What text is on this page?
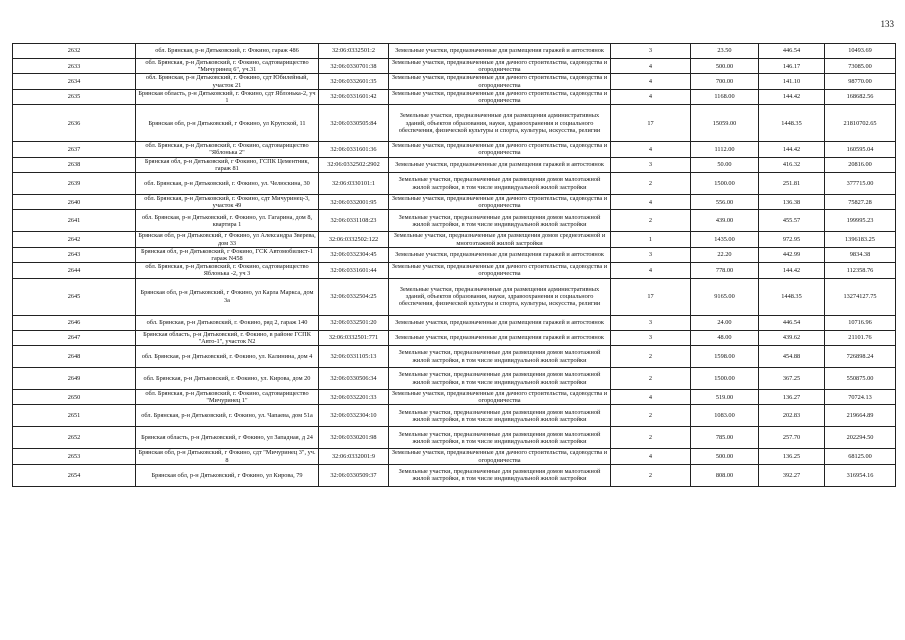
133
2632	обл. Брянская, р-н Дятьковский, г. Фокино, гараж 486	32:06:0332501:2	Земельные участки, предназначенные для размещения гаражей и автостоянок	3	23.50	446.54	10493.69
2633	обл. Брянская, р-н Дятьковский, г. Фокино, садтоварищество "Мичуринец 6", уч.31	32:06:0330701:38	Земельные участки, предназначенные для дачного строительства, садоводства и огородничества	4	500.00	146.17	73085.00
2634	обл. Брянская, р-н Дятьковский, г. Фокино, сдт Юбилейный, участок 21	32:06:0332601:35	Земельные участки, предназначенные для дачного строительства, садоводства и огородничества	4	700.00	141.10	98770.00
2635	Брянская область, р-н Дятьковский, г. Фокино, сдт Яблонька-2, уч 1	32:06:0331601:42	Земельные участки, предназначенные для дачного строительства, садоводства и огородничества	4	1168.00	144.42	168682.56
2636	Брянская обл, р-н Дятьковский, г Фокино, ул Крупской, 11	32:06:0330505:84	Земельные участки, предназначенные для размещения административных зданий, объектов образования, науки, здравоохранения и социального обеспечения, физической культуры и спорта, культуры, искусства, религии	17	15059.00	1448.35	21810702.65
2637	обл. Брянская, р-н Дятьковский, г. Фокино, садтоварищество "Яблонька 2"	32:06:0331601:36	Земельные участки, предназначенные для дачного строительства, садоводства и огородничества	4	1112.00	144.42	160595.04
2638	Брянская обл, р-н Дятьковский, г Фокино, ГСПК Цементник, гараж 81	32:06:0332502:2902	Земельные участки, предназначенные для размещения гаражей и автостоянок	3	50.00	416.32	20816.00
2639	обл. Брянская, р-н Дятьковский, г. Фокино, ул. Челюскина, 30	32:06:0330101:1	Земельные участки, предназначенные для размещения домов малоэтажной жилой застройки, в том числе индивидуальной жилой застройки	2	1500.00	251.81	377715.00
2640	обл. Брянская, р-н Дятьковский, г. Фокино, сдт Мичуринец-3, участок 49	32:06:0332001:95	Земельные участки, предназначенные для дачного строительства, садоводства и огородничества	4	556.00	136.38	75827.28
2641	обл. Брянская, р-н Дятьковский, г. Фокино, ул. Гагарина, дом 8, квартира 1	32:06:0331108:23	Земельные участки, предназначенные для размещения домов малоэтажной жилой застройки, в том числе индивидуальной жилой застройки	2	439.00	455.57	199995.23
2642	Брянская обл, р-н Дятьковский, г Фокино, ул Александра Зверева, дом 33	32:06:0332502:122	Земельные участки, предназначенные для размещения домов среднеэтажной и многоэтажной жилой застройки	1	1435.00	972.95	1396183.25
2643	Брянская обл, р-н Дятьковский, г Фокино, ГСК Автомобилист-1 гараж N458	32:06:0332304:45	Земельные участки, предназначенные для размещения гаражей и автостоянок	3	22.20	442.99	9834.38
2644	обл. Брянская, р-н Дятьковский, г. Фокино, садтоварищество Яблонька -2, уч 3	32:06:0331601:44	Земельные участки, предназначенные для дачного строительства, садоводства и огородничества	4	778.00	144.42	112358.76
2645	Брянская обл, р-н Дятьковский, г Фокино, ул Карла Маркса, дом 3а	32:06:0332504:25	Земельные участки, предназначенные для размещения административных зданий, объектов образования, науки, здравоохранения и социального обеспечения, физической культуры и спорта, культуры, искусства, религии	17	9165.00	1448.35	13274127.75
2646	обл. Брянская, р-н Дятьковский, г. Фокино, ряд 2, гараж 140	32:06:0332501:20	Земельные участки, предназначенные для размещения гаражей и автостоянок	3	24.00	446.54	10716.96
2647	Брянская область, р-н Дятьковский, г. Фокино, в районе ГСПК "Авто-1", участок N2	32:06:0332501:771	Земельные участки, предназначенные для размещения гаражей и автостоянок	3	48.00	439.62	21101.76
2648	обл. Брянская, р-н Дятьковский, г. Фокино, ул. Калинина, дом 4	32:06:0331105:13	Земельные участки, предназначенные для размещения домов малоэтажной жилой застройки, в том числе индивидуальной жилой застройки	2	1598.00	454.88	726898.24
2649	обл. Брянская, р-н Дятьковский, г. Фокино, ул. Кирова, дом 20	32:06:0330506:34	Земельные участки, предназначенные для размещения домов малоэтажной жилой застройки, в том числе индивидуальной жилой застройки	2	1500.00	367.25	550875.00
2650	обл. Брянская, р-н Дятьковский, г. Фокино, садтоварищество "Мичуринец 1"	32:06:0332201:33	Земельные участки, предназначенные для дачного строительства, садоводства и огородничества	4	519.00	136.27	70724.13
2651	обл. Брянская, р-н Дятьковский, г. Фокино, ул. Чапаева, дом 51а	32:06:0332304:10	Земельные участки, предназначенные для размещения домов малоэтажной жилой застройки, в том числе индивидуальной жилой застройки	2	1083.00	202.83	219664.89
2652	Брянская область, р-н Дятьковский, г Фокино, ул Западная, д 24	32:06:0330201:98	Земельные участки, предназначенные для размещения домов малоэтажной жилой застройки, в том числе индивидуальной жилой застройки	2	785.00	257.70	202294.50
2653	Брянская обл, р-н Дятьковский, г Фокино, сдт "Мичуринец 3", уч. 8	32:06:0332001:9	Земельные участки, предназначенные для дачного строительства, садоводства и огородничества	4	500.00	136.25	68125.00
2654	Брянская обл, р-н Дятьковский, г Фокино, ул Кирова, 79	32:06:0330509:37	Земельные участки, предназначенные для размещения домов малоэтажной жилой застройки, в том числе индивидуальной жилой застройки	2	808.00	392.27	316954.16
